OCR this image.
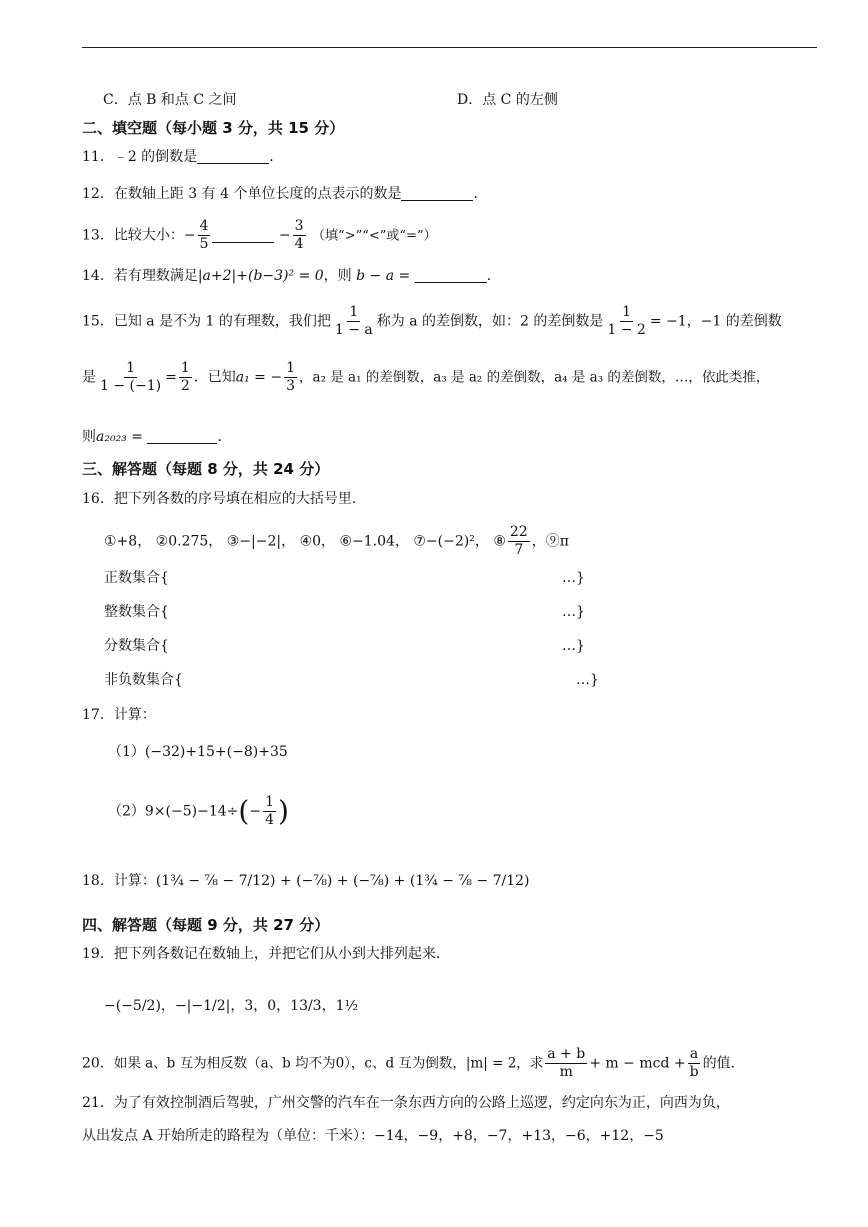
C．点 B 和点 C 之间	D．点 C 的左侧
二、填空题（每小题 3 分，共 15 分）
11．﹣2 的倒数是	．
12．在数轴上距 3 有 4 个单位长度的点表示的数是	．
13．比较大小：− $\frac{4}{5}$	− $\frac{3}{4}$ （填“>”“<”或“=”）
14．若有理数满足|a+2|+(b−3)² = 0，则 b − a =	．
15．已知 a 是不为 1 的有理数，我们把 $\frac{1}{1 - a}$ 称为 a 的差倒数，如：2 的差倒数是 $\frac{1}{1 - 2} = -1$，−1 的差倒数
是 $\frac{1}{1 - (-1)} = \frac{1}{2}$ ．已知a₁ = − $\frac{1}{3}$ ，a₂ 是 a₁ 的差倒数，a₃ 是 a₂ 的差倒数，a₄ 是 a₃ 的差倒数，…，依此类推，
则a₂₀₂₃ =	．
三、解答题（每题 8 分，共 24 分）
16．把下列各数的序号填在相应的大括号里．
①+8， ②0.275， ③−|−2|， ④0， ⑥−1.04， ⑦−(−2)²， ⑧ $\frac{22}{7}$ ，⑨π
正数集合{	…}
整数集合{	…}
分数集合{	…}
非负数集合{	…}
17．计算：
（1）(−32)+15+(−8)+35
$(2)9\times(-5)-14\div(- \frac{1}{4}$ )
18．计算：(1¾ − ⅞ − 7/12) + (−⅞) + (−⅞) + (1¾ − ⅞ − 7/12)
四、解答题（每题 9 分，共 27 分）
19．把下列各数记在数轴上，并把它们从小到大排列起来．
−(−5/2)，−|−1/2|，3，0，13/3，1½
20．如果 a、b 互为相反数（a、b 均不为0），c、d 互为倒数，|m| = 2，求 $\frac{a + b}{m} + m$ − mcd + $\frac{a}{b}$ 的值．
21．为了有效控制酒后驾驶，广州交警的汽车在一条东西方向的公路上巡逻，约定向东为正，向西为负，
从出发点 A 开始所走的路程为（单位：千米）：−14，−9，+8，−7，+13，−6，+12，−5
